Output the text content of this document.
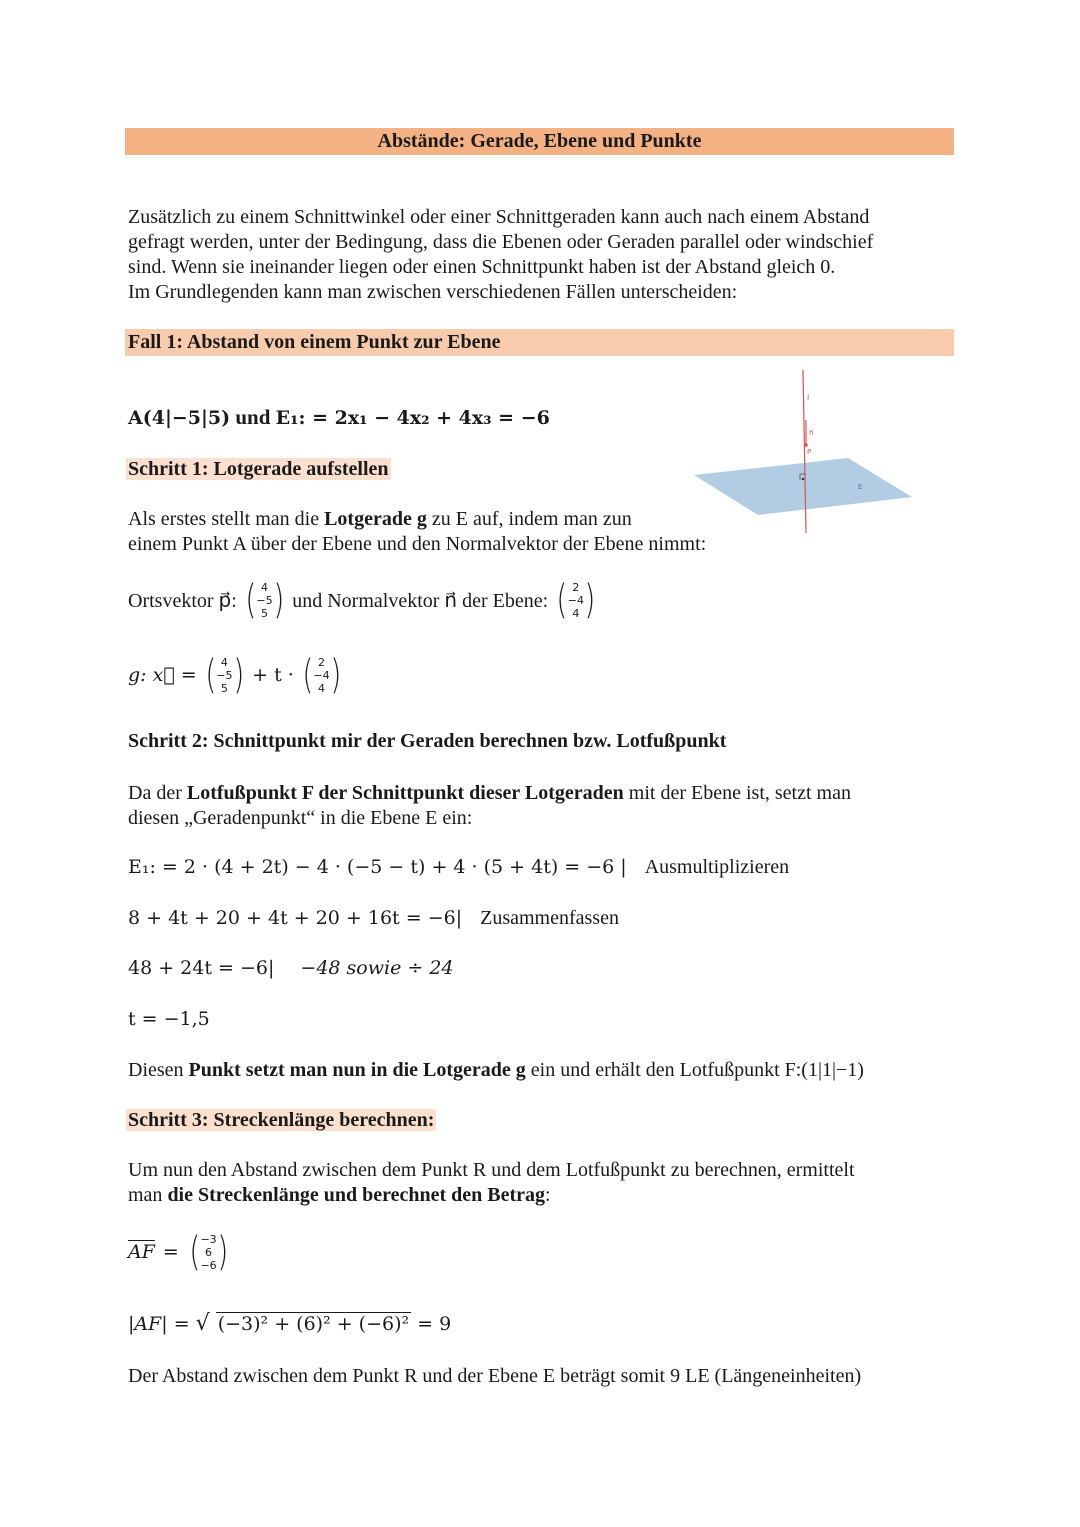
Abstände: Gerade, Ebene und Punkte
Zusätzlich zu einem Schnittwinkel oder einer Schnittgeraden kann auch nach einem Abstand
gefragt werden, unter der Bedingung, dass die Ebenen oder Geraden parallel oder windschief
sind. Wenn sie ineinander liegen oder einen Schnittpunkt haben ist der Abstand gleich 0.
Im Grundlegenden kann man zwischen verschiedenen Fällen unterscheiden:
Fall 1: Abstand von einem Punkt zur Ebene
A(4|−5|5) und E₁: = 2x₁ − 4x₂ + 4x₃ = −6
l
n⃗
P
E
Schritt 1: Lotgerade aufstellen
Als erstes stellt man die Lotgerade g zu E auf, indem man zun
einem Punkt A über der Ebene und den Normalvektor der Ebene nimmt:
Ortsvektor p⃗: ( 4
−5
5 ) und Normalvektor n⃗ der Ebene: ( 2
−4
4 )
g: x⃗ = ( 4
−5
5 ) + t · ( 2
−4
4 )
Schritt 2: Schnittpunkt mir der Geraden berechnen bzw. Lotfußpunkt
Da der Lotfußpunkt F der Schnittpunkt dieser Lotgeraden mit der Ebene ist, setzt man
diesen „Geradenpunkt“ in die Ebene E ein:
E₁: = 2 · (4 + 2t) − 4 · (−5 − t) + 4 · (5 + 4t) = −6 | Ausmultiplizieren
8 + 4t + 20 + 4t + 20 + 16t = −6| Zusammenfassen
48 + 24t = −6| −48 sowie ÷ 24
t = −1,5
Diesen Punkt setzt man nun in die Lotgerade g ein und erhält den Lotfußpunkt F:(1|1|−1)
Schritt 3: Streckenlänge berechnen:
Um nun den Abstand zwischen dem Punkt R und dem Lotfußpunkt zu berechnen, ermittelt
man die Streckenlänge und berechnet den Betrag:
$\overline{AF}$ = ( −3
6
−6 )
|AF| = √ (−3)² + (6)² + (−6)² = 9
Der Abstand zwischen dem Punkt R und der Ebene E beträgt somit 9 LE (Längeneinheiten)
